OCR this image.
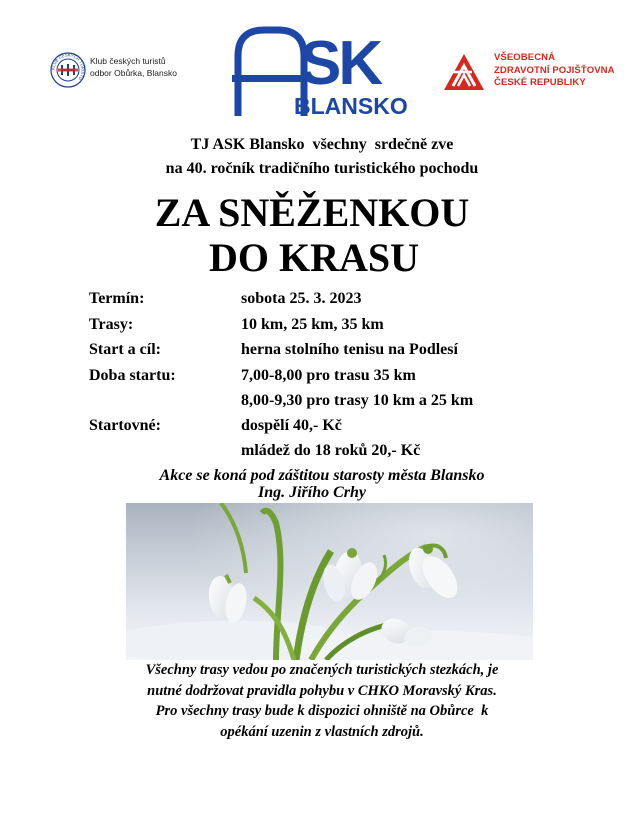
KLUB ČESKÝCH TURISTŮ
Klub českých turistů
odbor Obůrka, Blansko SK
BLANSKO
VŠEOBECNÁ
ZDRAVOTNÍ POJIŠŤOVNA
ČESKÉ REPUBLIKY
TJ ASK Blansko  všechny  srdečně zve
na 40. ročník tradičního turistického pochodu
ZA SNĚŽENKOU
DO KRASU
Termín:	sobota 25. 3. 2023
Trasy:	10 km, 25 km, 35 km
Start a cíl:	herna stolního tenisu na Podlesí
Doba startu:	7,00-8,00 pro trasu 35 km
8,00-9,30 pro trasy 10 km a 25 km
Startovné:	dospělí 40,- Kč
mládež do 18 roků 20,- Kč
Akce se koná pod záštitou starosty města Blansko
Ing. Jiřího Crhy
Všechny trasy vedou po značených turistických stezkách, je
nutné dodržovat pravidla pohybu v CHKO Moravský Kras.
Pro všechny trasy bude k dispozici ohniště na Obůrce  k
opékání uzenin z vlastních zdrojů.
